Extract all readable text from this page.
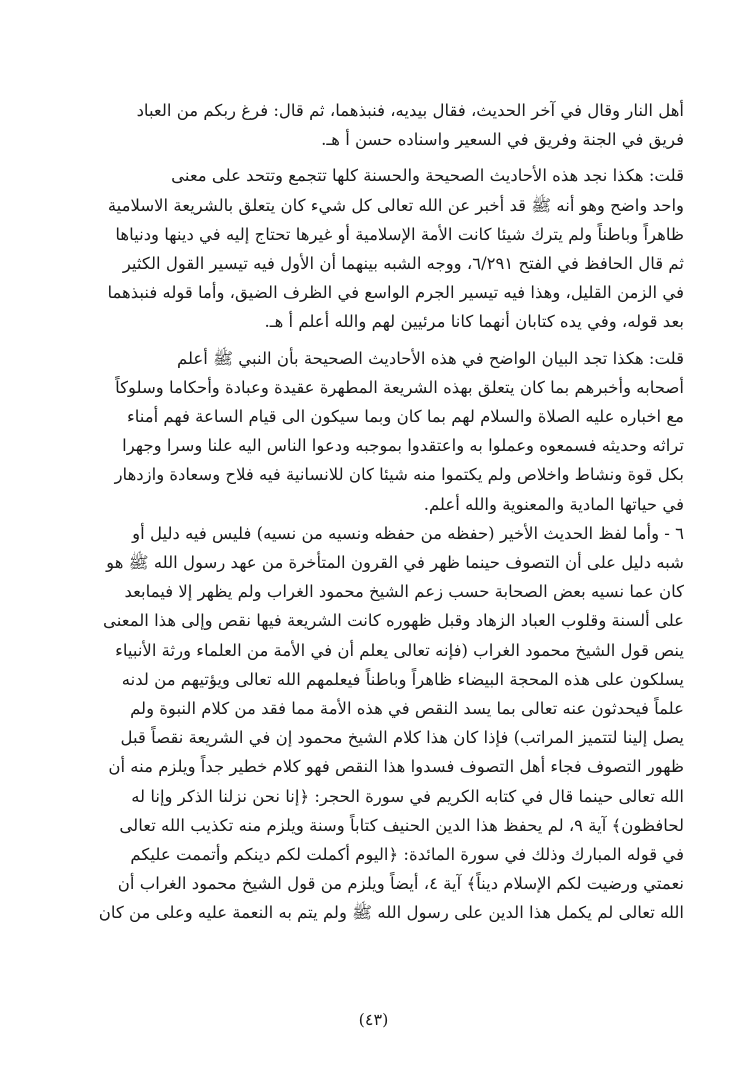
أهل النار وقال في آخر الحديث، فقال بيديه، فنبذهما، ثم قال: فرغ ربكم من العباد
فريق في الجنة وفريق في السعير واسناده حسن أ هـ.
قلت: هكذا نجد هذه الأحاديث الصحيحة والحسنة كلها تتجمع وتتحد على معنى
واحد واضح وهو أنه ﷺ قد أخبر عن الله تعالى كل شيء كان يتعلق بالشريعة الاسلامية
ظاهراً وباطناً ولم يترك شيئا كانت الأمة الإسلامية أو غيرها تحتاج إليه في دينها ودنياها
ثم قال الحافظ في الفتح ٦/٢٩١، ووجه الشبه بينهما أن الأول فيه تيسير القول الكثير
في الزمن القليل، وهذا فيه تيسير الجرم الواسع في الظرف الضيق، وأما قوله فنبذهما
بعد قوله، وفي يده كتابان أنهما كانا مرئيين لهم والله أعلم أ هـ.
قلت: هكذا تجد البيان الواضح في هذه الأحاديث الصحيحة بأن النبي ﷺ أعلم
أصحابه وأخبرهم بما كان يتعلق بهذه الشريعة المطهرة عقيدة وعبادة وأحكاما وسلوكاً
مع اخباره عليه الصلاة والسلام لهم بما كان وبما سيكون الى قيام الساعة فهم أمناء
تراثه وحديثه فسمعوه وعملوا به واعتقدوا بموجبه ودعوا الناس اليه علنا وسرا وجهرا
بكل قوة ونشاط واخلاص ولم يكتموا منه شيئا كان للانسانية فيه فلاح وسعادة وازدهار
في حياتها المادية والمعنوية والله أعلم.
٦ - وأما لفظ الحديث الأخير (حفظه من حفظه ونسيه من نسيه) فليس فيه دليل أو
شبه دليل على أن التصوف حينما ظهر في القرون المتأخرة من عهد رسول الله ﷺ هو
كان عما نسيه بعض الصحابة حسب زعم الشيخ محمود الغراب ولم يظهر إلا فيمابعد
على ألسنة وقلوب العباد الزهاد وقبل ظهوره كانت الشريعة فيها نقص وإلى هذا المعنى
ينص قول الشيخ محمود الغراب (فإنه تعالى يعلم أن في الأمة من العلماء ورثة الأنبياء
يسلكون على هذه المحجة البيضاء ظاهراً وباطناً فيعلمهم الله تعالى ويؤتيهم من لدنه
علماً فيحدثون عنه تعالى بما يسد النقص في هذه الأمة مما فقد من كلام النبوة ولم
يصل إلينا لتتميز المراتب) فإذا كان هذا كلام الشيخ محمود إن في الشريعة نقصاً قبل
ظهور التصوف فجاء أهل التصوف فسدوا هذا النقص فهو كلام خطير جداً ويلزم منه أن
الله تعالى حينما قال في كتابه الكريم في سورة الحجر: ﴿إنا نحن نزلنا الذكر وإنا له
لحافظون﴾ آية ٩، لم يحفظ هذا الدين الحنيف كتاباً وسنة ويلزم منه تكذيب الله تعالى
في قوله المبارك وذلك في سورة المائدة: ﴿اليوم أكملت لكم دينكم وأتممت عليكم
نعمتي ورضيت لكم الإسلام ديناً﴾ آية ٤، أيضاً ويلزم من قول الشيخ محمود الغراب أن
الله تعالى لم يكمل هذا الدين على رسول الله ﷺ ولم يتم به النعمة عليه وعلى من كان
(٤٣)
